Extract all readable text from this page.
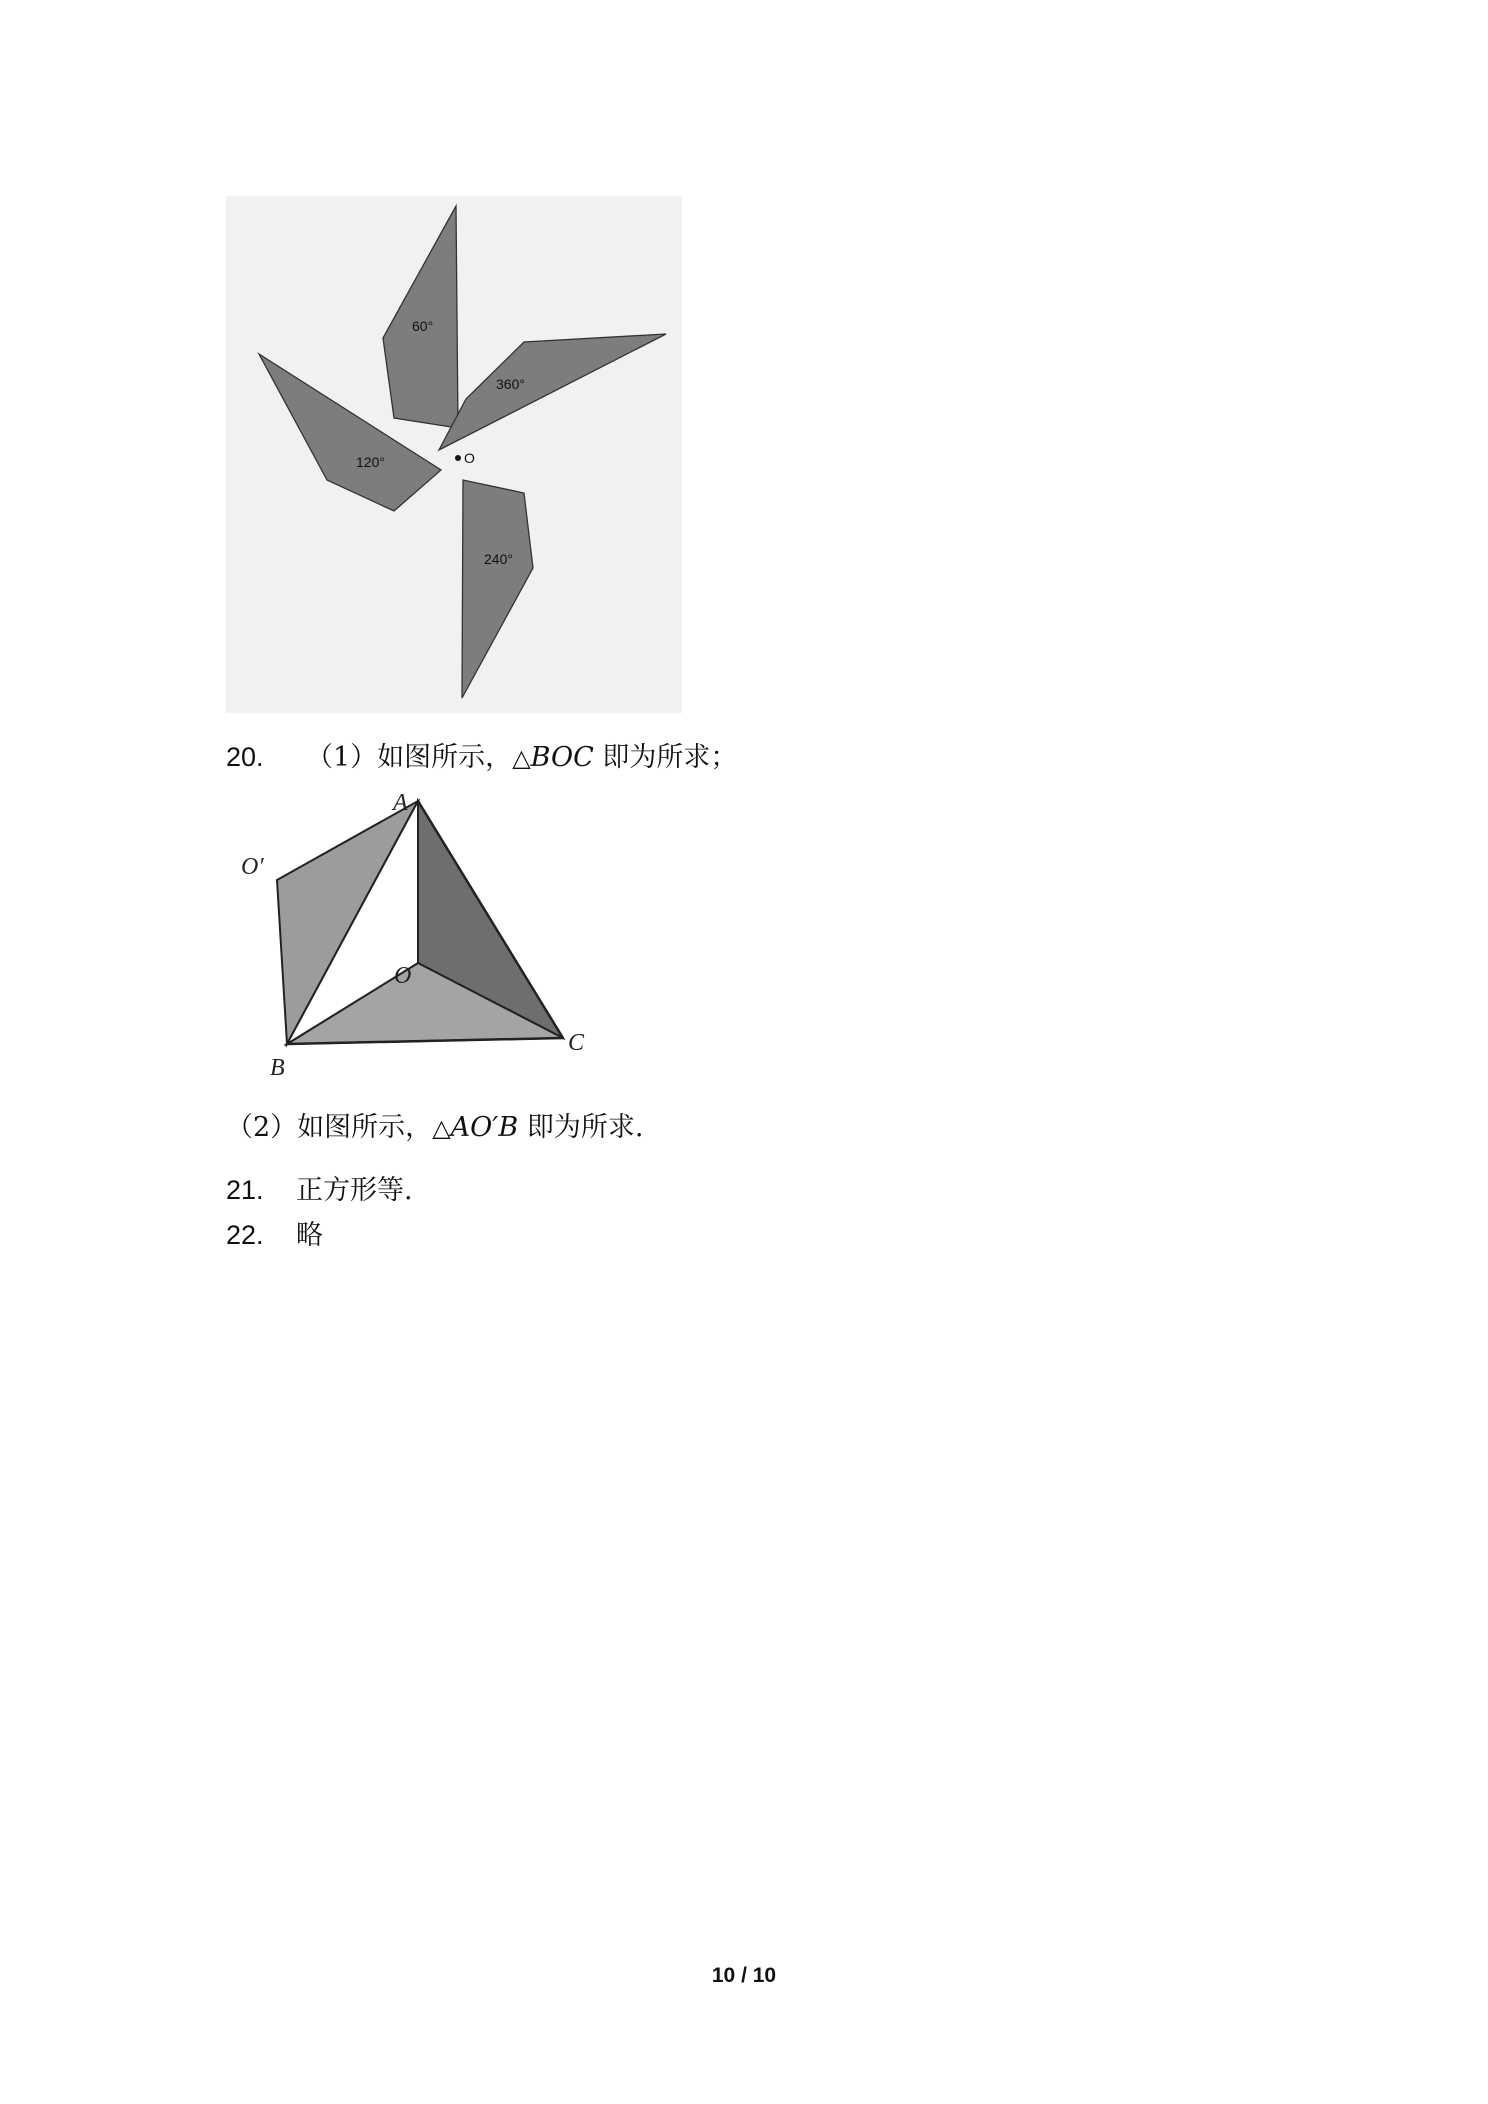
60°
360°
120°
240°
O
20. （1）如图所示，△BOC 即为所求；
A
O′
O
B
C
（2）如图所示，△AO′B 即为所求.
21. 正方形等.
22. 略
10 / 10
